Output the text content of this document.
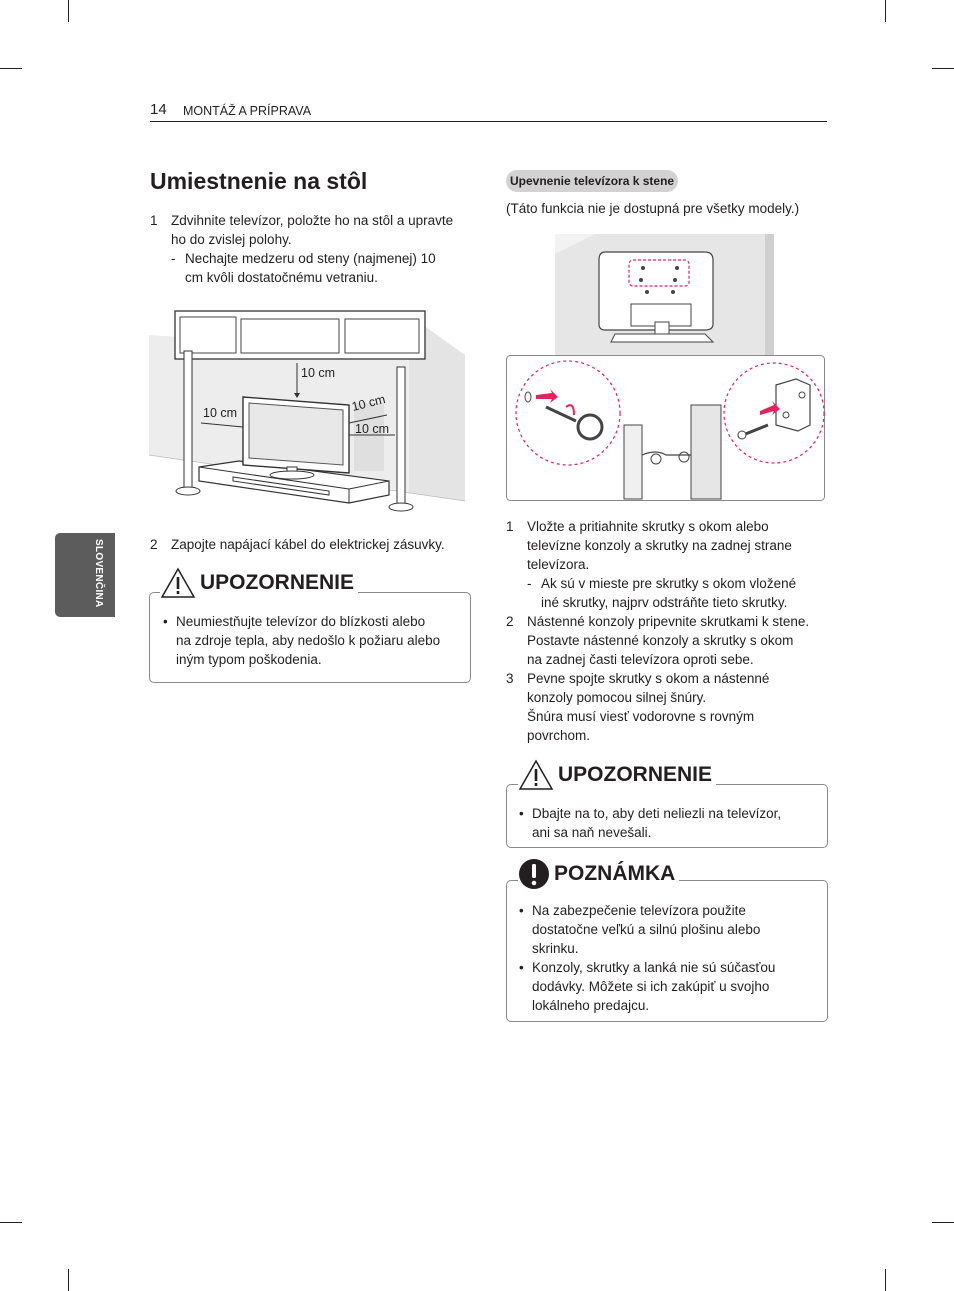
14 MONTÁŽ A PRÍPRAVA
SLOVENČINA
Umiestnenie na stôl
1 Zdvihnite televízor, položte ho na stôl a upravte
ho do zvislej polohy.
- Nechajte medzeru od steny (najmenej) 10
cm kvôli dostatočnému vetraniu.
10 cm
10 cm	10 cm
10 cm
2 Zapojte napájací kábel do elektrickej zásuvky.
UPOZORNENIE
• Neumiestňujte televízor do blízkosti alebo
na zdroje tepla, aby nedošlo k požiaru alebo
iným typom poškodenia.
Upevnenie televízora k stene
(Táto funkcia nie je dostupná pre všetky modely.)
1 Vložte a pritiahnite skrutky s okom alebo
televízne konzoly a skrutky na zadnej strane
televízora.
- Ak sú v mieste pre skrutky s okom vložené
iné skrutky, najprv odstráňte tieto skrutky.
2 Nástenné konzoly pripevnite skrutkami k stene.
Postavte nástenné konzoly a skrutky s okom
na zadnej časti televízora oproti sebe.
3 Pevne spojte skrutky s okom a nástenné
konzoly pomocou silnej šnúry.
Šnúra musí viesť vodorovne s rovným
povrchom.
UPOZORNENIE
• Dbajte na to, aby deti neliezli na televízor,
ani sa naň nevešali.
POZNÁMKA
• Na zabezpečenie televízora použite
dostatočne veľkú a silnú plošinu alebo
skrinku.
• Konzoly, skrutky a lanká nie sú súčasťou
dodávky. Môžete si ich zakúpiť u svojho
lokálneho predajcu.
